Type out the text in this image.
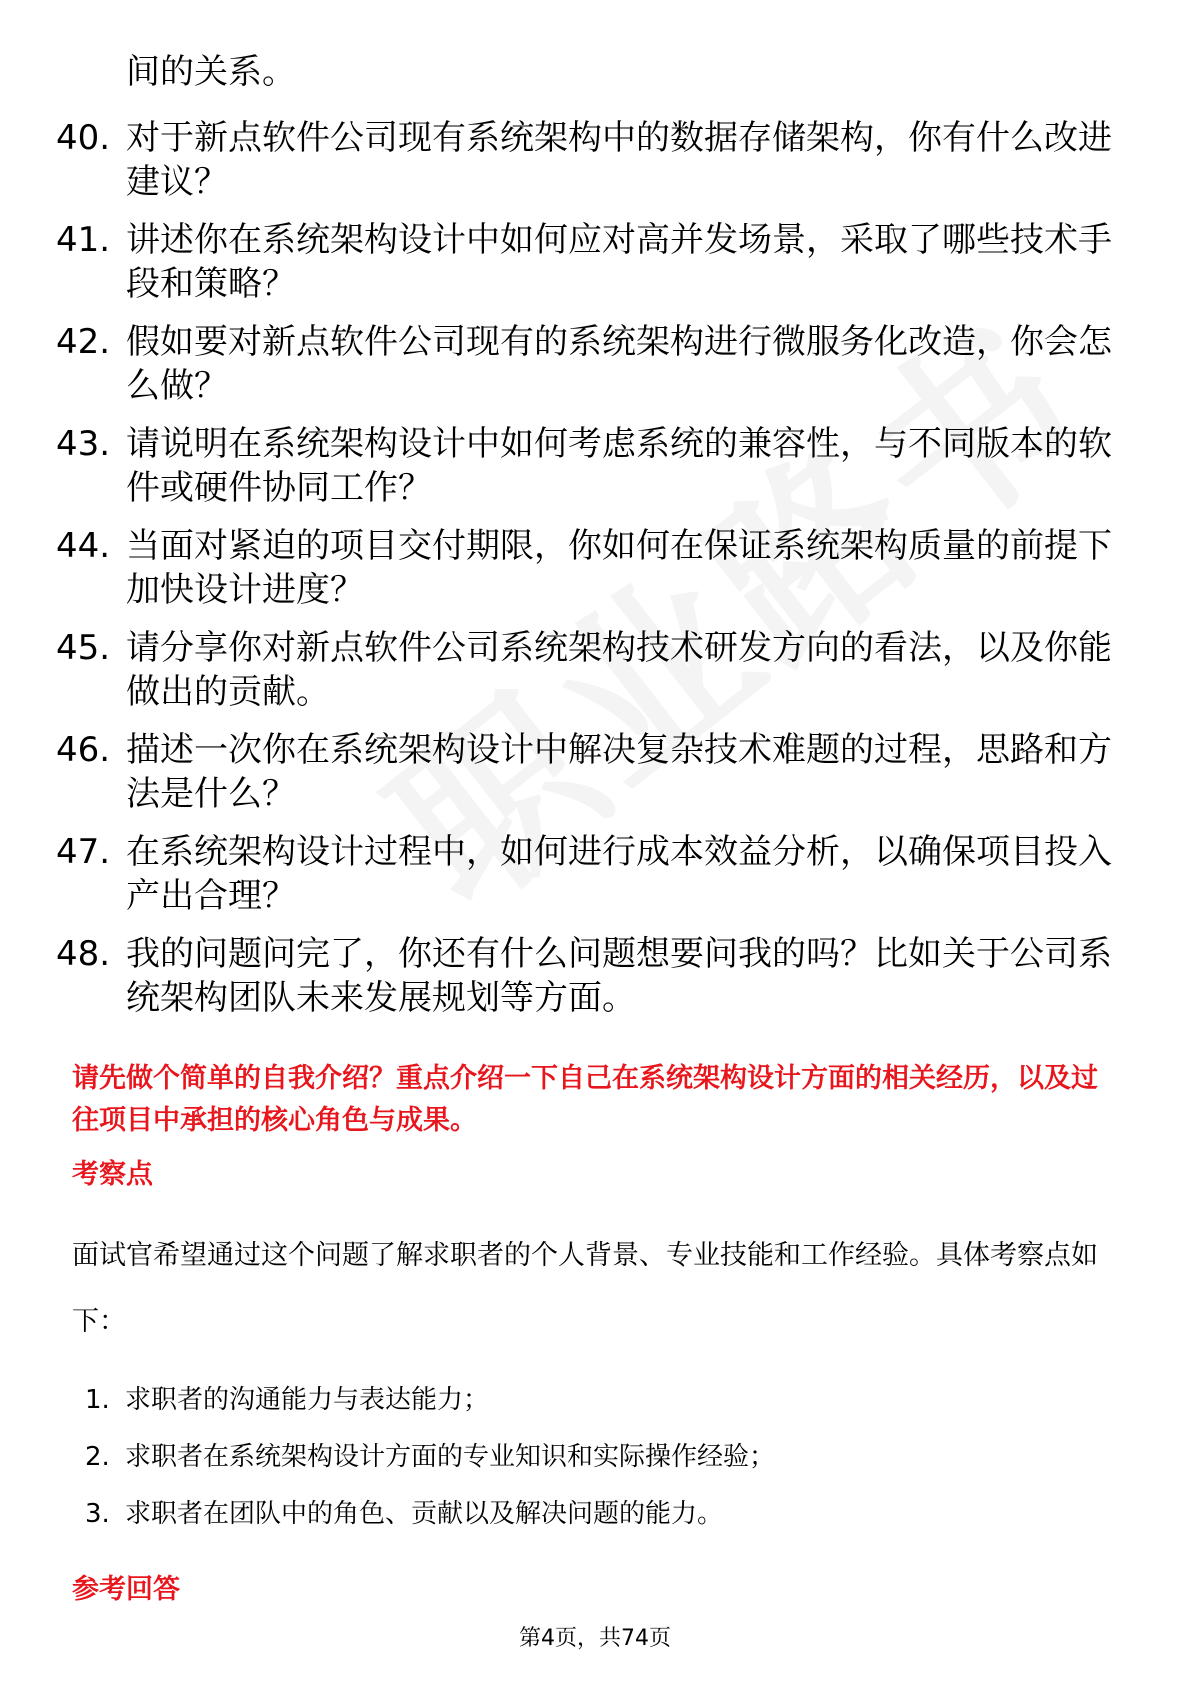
间的关系。
40. 对于新点软件公司现有系统架构中的数据存储架构，你有什么改进建议？
41. 讲述你在系统架构设计中如何应对高并发场景，采取了哪些技术手段和策略？
42. 假如要对新点软件公司现有的系统架构进行微服务化改造，你会怎么做？
43. 请说明在系统架构设计中如何考虑系统的兼容性，与不同版本的软件或硬件协同工作？
44. 当面对紧迫的项目交付期限，你如何在保证系统架构质量的前提下加快设计进度？
45. 请分享你对新点软件公司系统架构技术研发方向的看法，以及你能做出的贡献。
46. 描述一次你在系统架构设计中解决复杂技术难题的过程，思路和方法是什么？
47. 在系统架构设计过程中，如何进行成本效益分析，以确保项目投入产出合理？
48. 我的问题问完了，你还有什么问题想要问我的吗？比如关于公司系统架构团队未来发展规划等方面。
请先做个简单的自我介绍？重点介绍一下自己在系统架构设计方面的相关经历，以及过往项目中承担的核心角色与成果。
考察点
面试官希望通过这个问题了解求职者的个人背景、专业技能和工作经验。具体考察点如下：
1. 求职者的沟通能力与表达能力；
2. 求职者在系统架构设计方面的专业知识和实际操作经验；
3. 求职者在团队中的角色、贡献以及解决问题的能力。
参考回答
第4页，共74页
